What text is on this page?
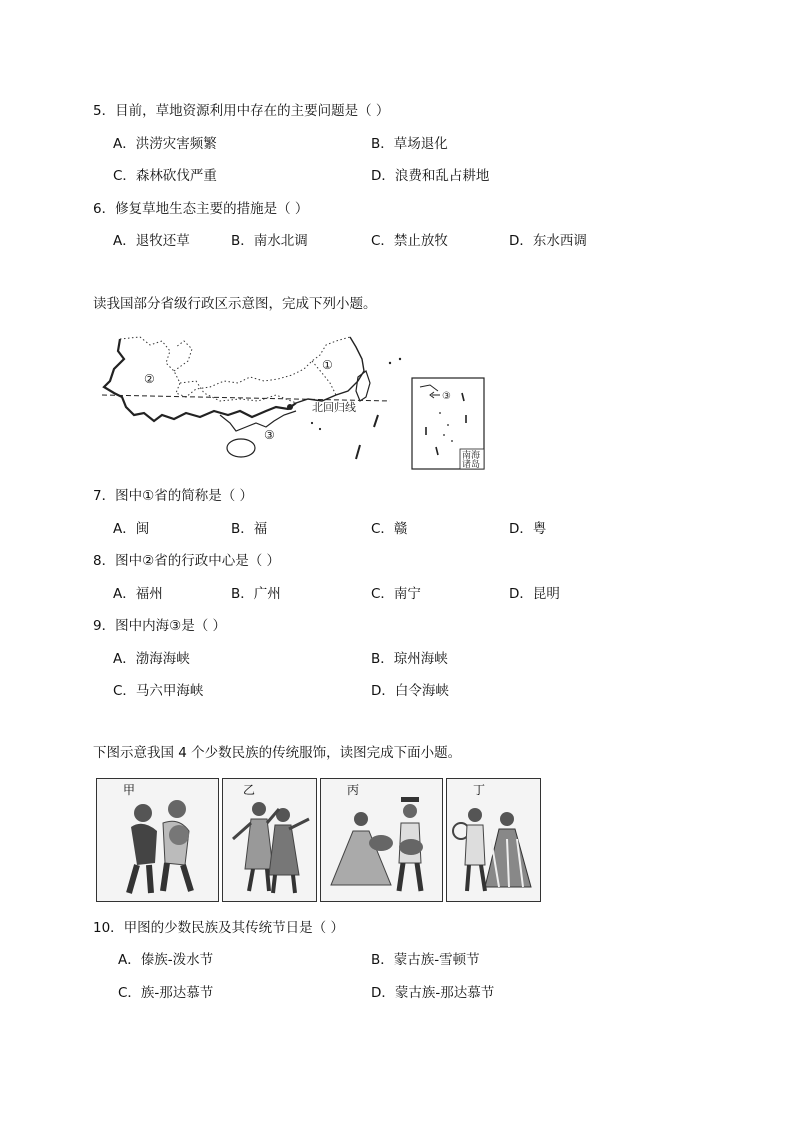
5．目前，草地资源利用中存在的主要问题是（ ）
A．洪涝灾害频繁	B．草场退化
C．森林砍伐严重	D．浪费和乱占耕地
6．修复草地生态主要的措施是（ ）
A．退牧还草	B．南水北调	C．禁止放牧	D．东水西调
读我国部分省级行政区示意图，完成下列小题。
①
②
③
北回归线
③
南海
诸岛
7．图中①省的简称是（ ）
A．闽	B．福	C．赣	D．粤
8．图中②省的行政中心是（ ）
A．福州	B．广州	C．南宁	D．昆明
9．图中内海③是（ ）
A．渤海海峡	B．琼州海峡
C．马六甲海峡	D．白令海峡
下图示意我国 4 个少数民族的传统服饰，读图完成下面小题。
甲	乙	丙	丁
10．甲图的少数民族及其传统节日是（ ）
A．傣族-泼水节	B．蒙古族-雪顿节
C．族-那达慕节	D．蒙古族-那达慕节
